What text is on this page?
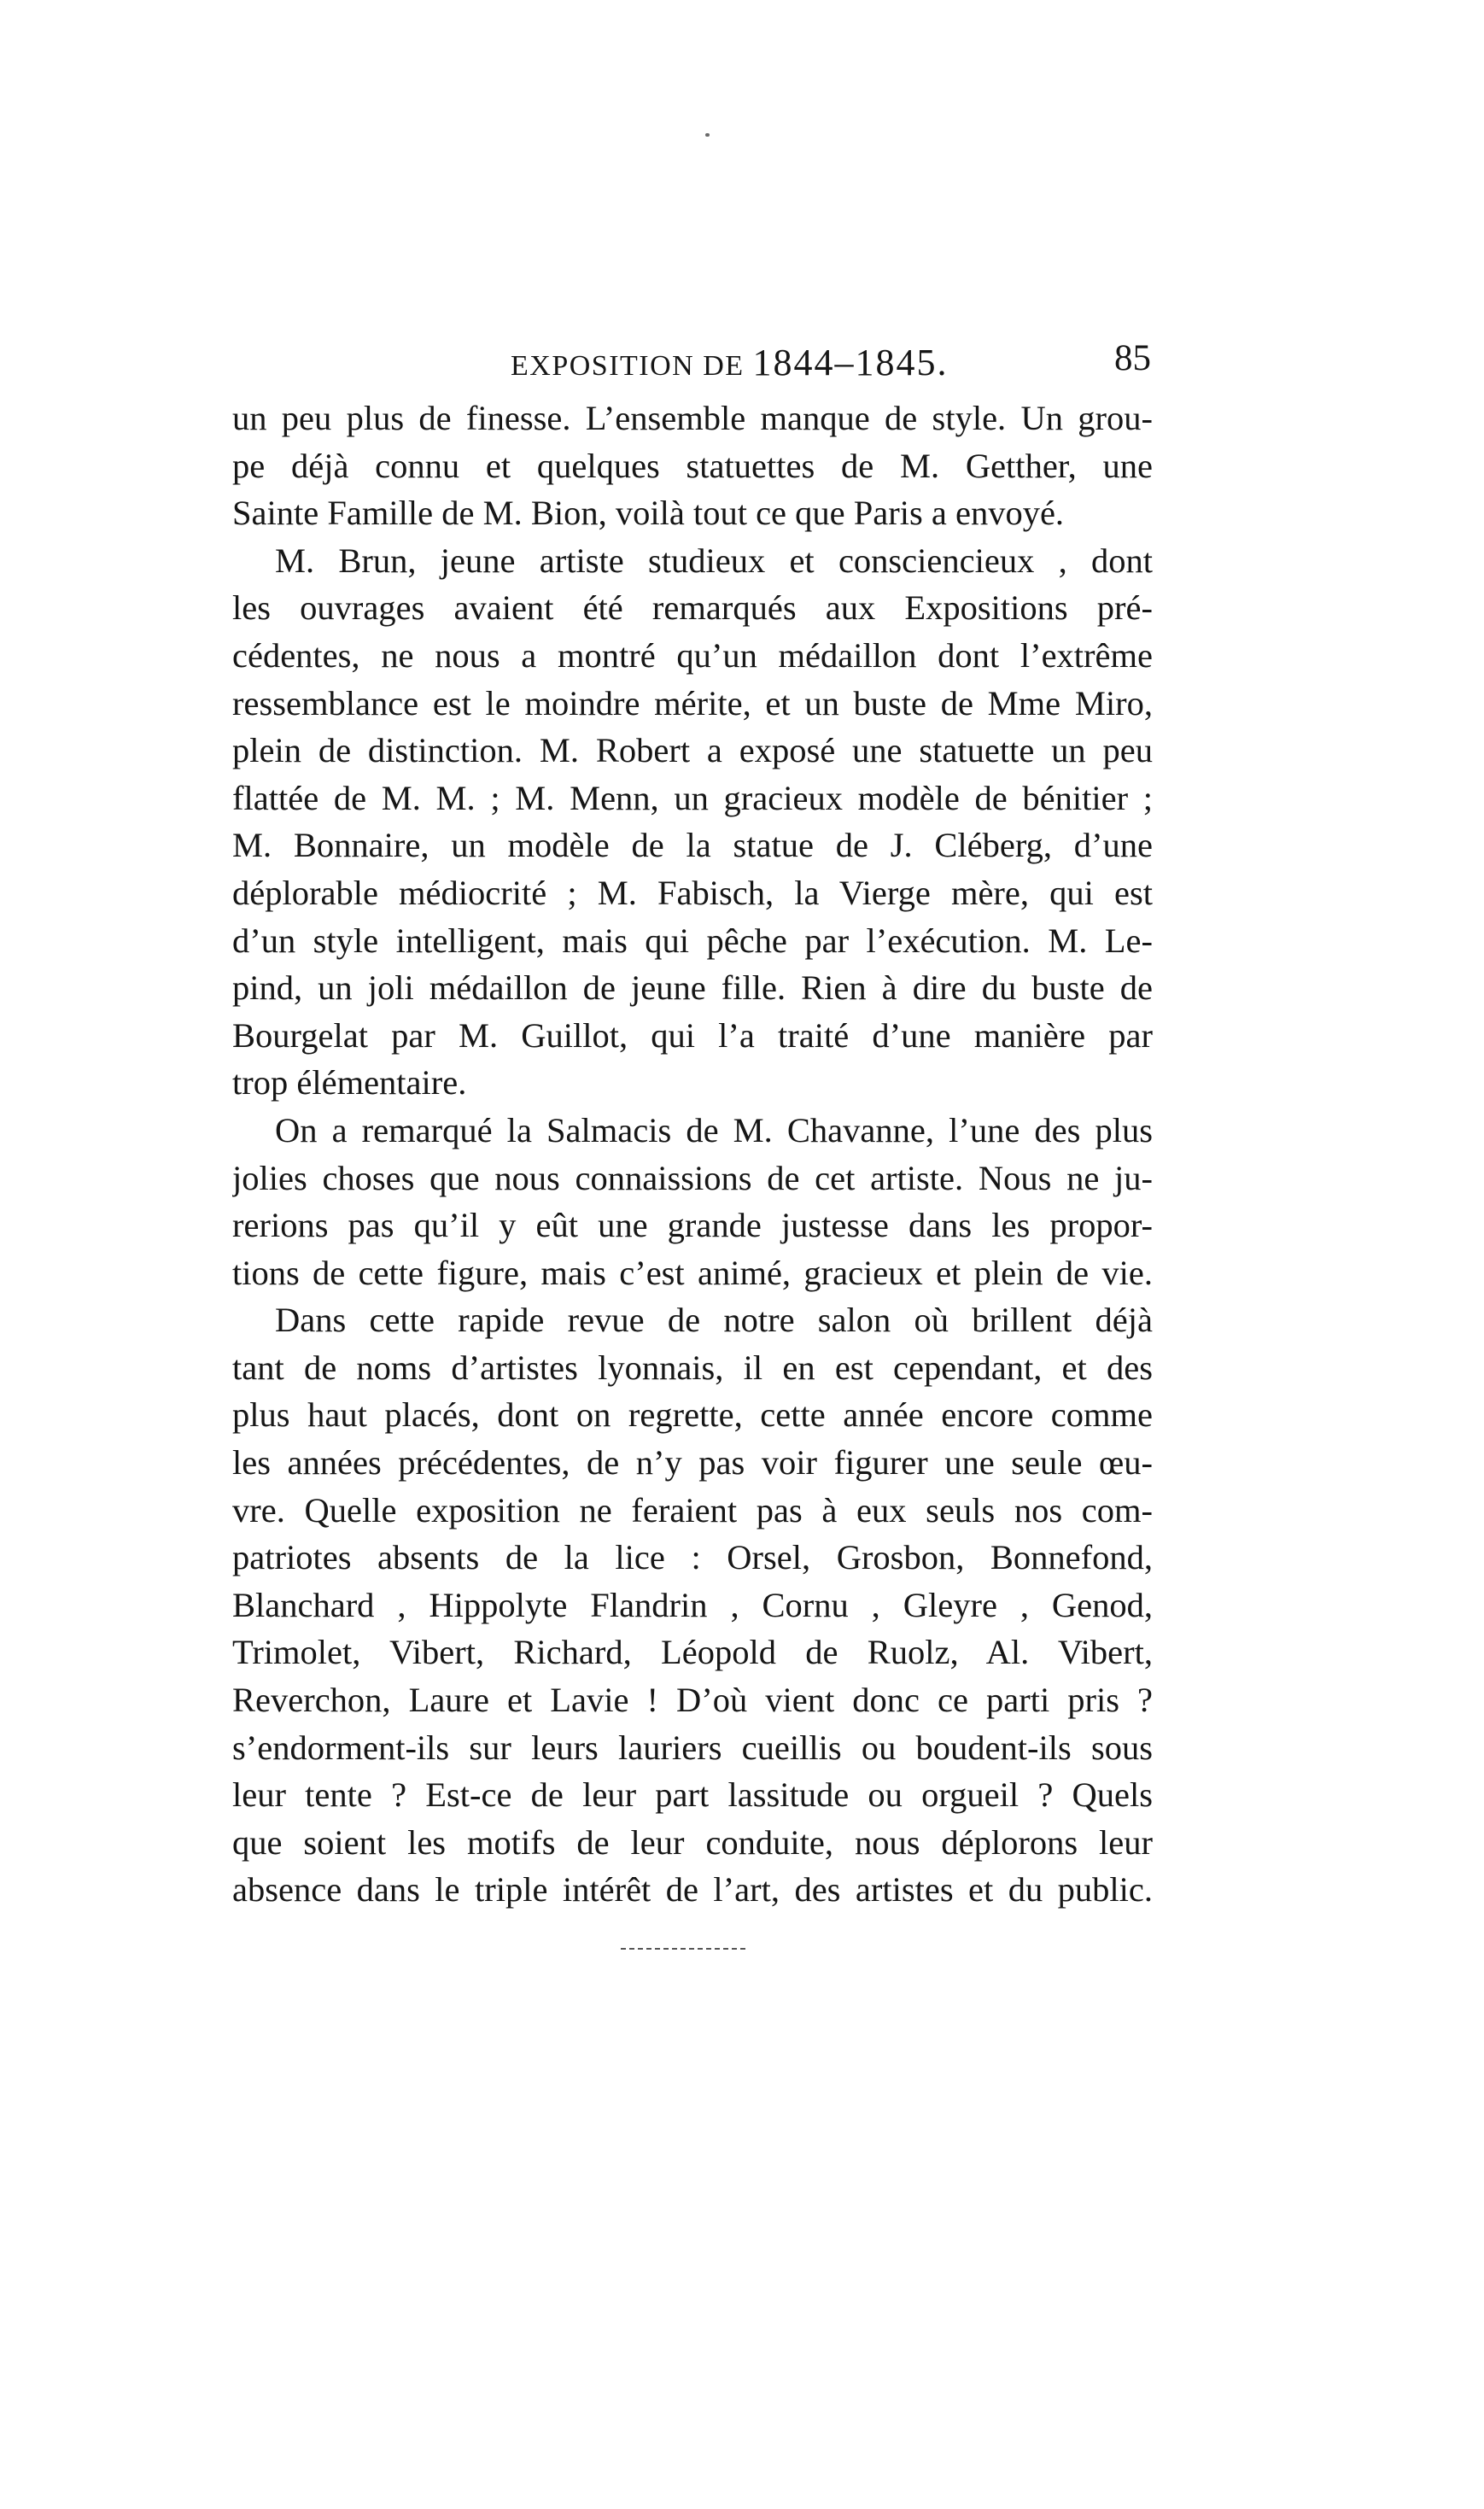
EXPOSITION DE 1844–1845.	85
un peu plus de finesse. L’ensemble manque de style. Un grou-
pe déjà connu et quelques statuettes de M. Getther, une
Sainte Famille de M. Bion, voilà tout ce que Paris a envoyé.
M. Brun, jeune artiste studieux et consciencieux , dont
les ouvrages avaient été remarqués aux Expositions pré-
cédentes, ne nous a montré qu’un médaillon dont l’extrême
ressemblance est le moindre mérite, et un buste de Mme Miro,
plein de distinction. M. Robert a exposé une statuette un peu
flattée de M. M. ; M. Menn, un gracieux modèle de bénitier ;
M. Bonnaire, un modèle de la statue de J. Cléberg, d’une
déplorable médiocrité ; M. Fabisch, la Vierge mère, qui est
d’un style intelligent, mais qui pêche par l’exécution. M. Le-
pind, un joli médaillon de jeune fille. Rien à dire du buste de
Bourgelat par M. Guillot, qui l’a traité d’une manière par
trop élémentaire.
On a remarqué la Salmacis de M. Chavanne, l’une des plus
jolies choses que nous connaissions de cet artiste. Nous ne ju-
rerions pas qu’il y eût une grande justesse dans les propor-
tions de cette figure, mais c’est animé, gracieux et plein de vie.
Dans cette rapide revue de notre salon où brillent déjà
tant de noms d’artistes lyonnais, il en est cependant, et des
plus haut placés, dont on regrette, cette année encore comme
les années précédentes, de n’y pas voir figurer une seule œu-
vre. Quelle exposition ne feraient pas à eux seuls nos com-
patriotes absents de la lice : Orsel, Grosbon, Bonnefond,
Blanchard , Hippolyte Flandrin , Cornu , Gleyre , Genod,
Trimolet, Vibert, Richard, Léopold de Ruolz, Al. Vibert,
Reverchon, Laure et Lavie ! D’où vient donc ce parti pris ?
s’endorment-ils sur leurs lauriers cueillis ou boudent-ils sous
leur tente ? Est-ce de leur part lassitude ou orgueil ? Quels
que soient les motifs de leur conduite, nous déplorons leur
absence dans le triple intérêt de l’art, des artistes et du public.
